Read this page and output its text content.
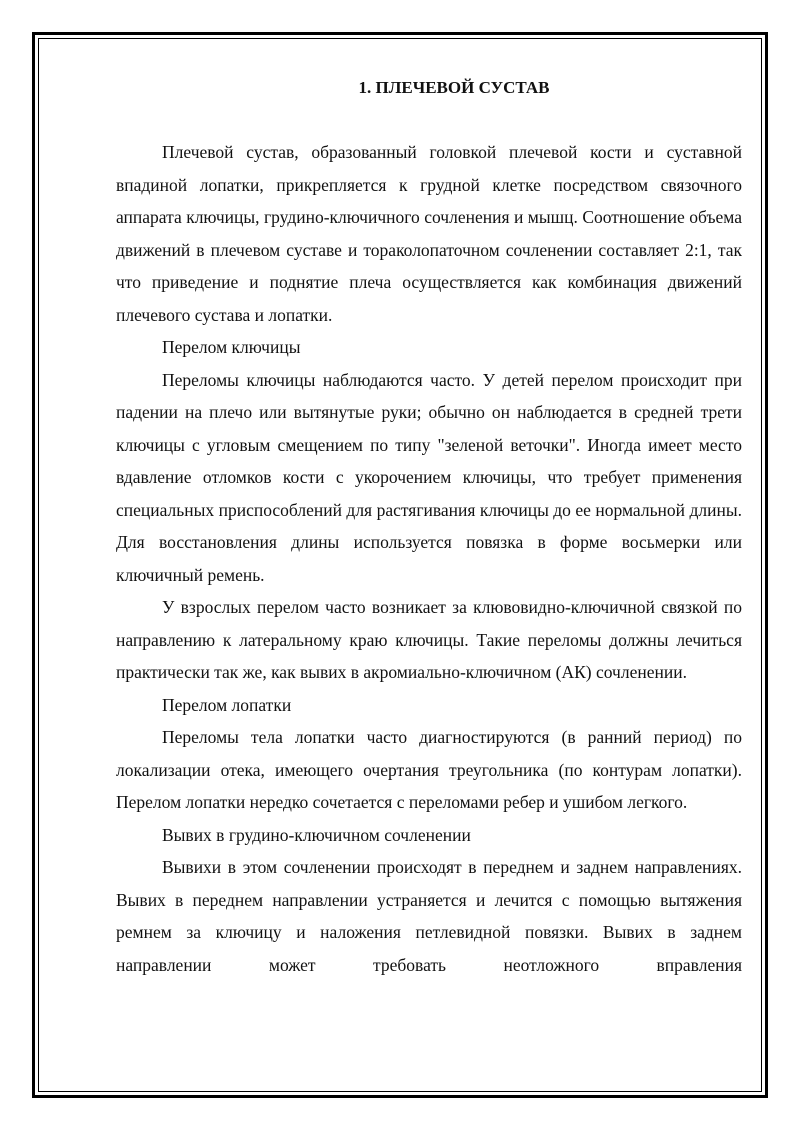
1. ПЛЕЧЕВОЙ СУСТАВ

Плечевой сустав, образованный головкой плечевой кости и суставной впадиной лопатки, прикрепляется к грудной клетке посредством связочного аппарата ключицы, грудино-ключичного сочленения и мышц. Соотношение объема движений в плечевом суставе и тораколопаточном сочленении составляет 2:1, так что приведение и поднятие плеча осуществляется как комбинация движений плечевого сустава и лопатки.

Перелом ключицы

Переломы ключицы наблюдаются часто. У детей перелом происходит при падении на плечо или вытянутые руки; обычно он наблюдается в средней трети ключицы с угловым смещением по типу "зеленой веточки". Иногда имеет место вдавление отломков кости с укорочением ключицы, что требует применения специальных приспособлений для растягивания ключицы до ее нормальной длины. Для восстановления длины используется повязка в форме восьмерки или ключичный ремень.

У взрослых перелом часто возникает за клювовидно-ключичной связкой по направлению к латеральному краю ключицы. Такие переломы должны лечиться практически так же, как вывих в акромиально-ключичном (АК) сочленении.

Перелом лопатки

Переломы тела лопатки часто диагностируются (в ранний период) по локализации отека, имеющего очертания треугольника (по контурам лопатки). Перелом лопатки нередко сочетается с переломами ребер и ушибом легкого.

Вывих в грудино-ключичном сочленении

Вывихи в этом сочленении происходят в переднем и заднем направлениях. Вывих в переднем направлении устраняется и лечится с помощью вытяжения ремнем за ключицу и наложения петлевидной повязки. Вывих в заднем направлении может требовать неотложного вправления
